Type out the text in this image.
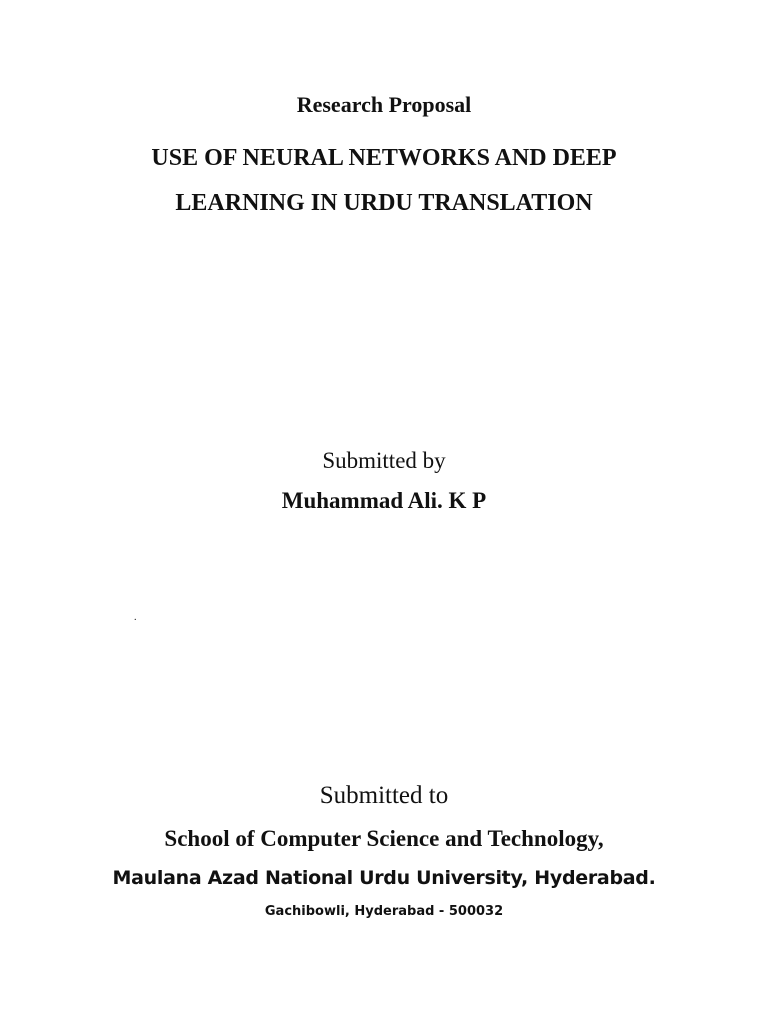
Research Proposal
USE OF NEURAL NETWORKS AND DEEP
LEARNING IN URDU TRANSLATION
Submitted by
Muhammad Ali. K P
.
Submitted to
School of Computer Science and Technology,
Maulana Azad National Urdu University, Hyderabad.
Gachibowli, Hyderabad - 500032
